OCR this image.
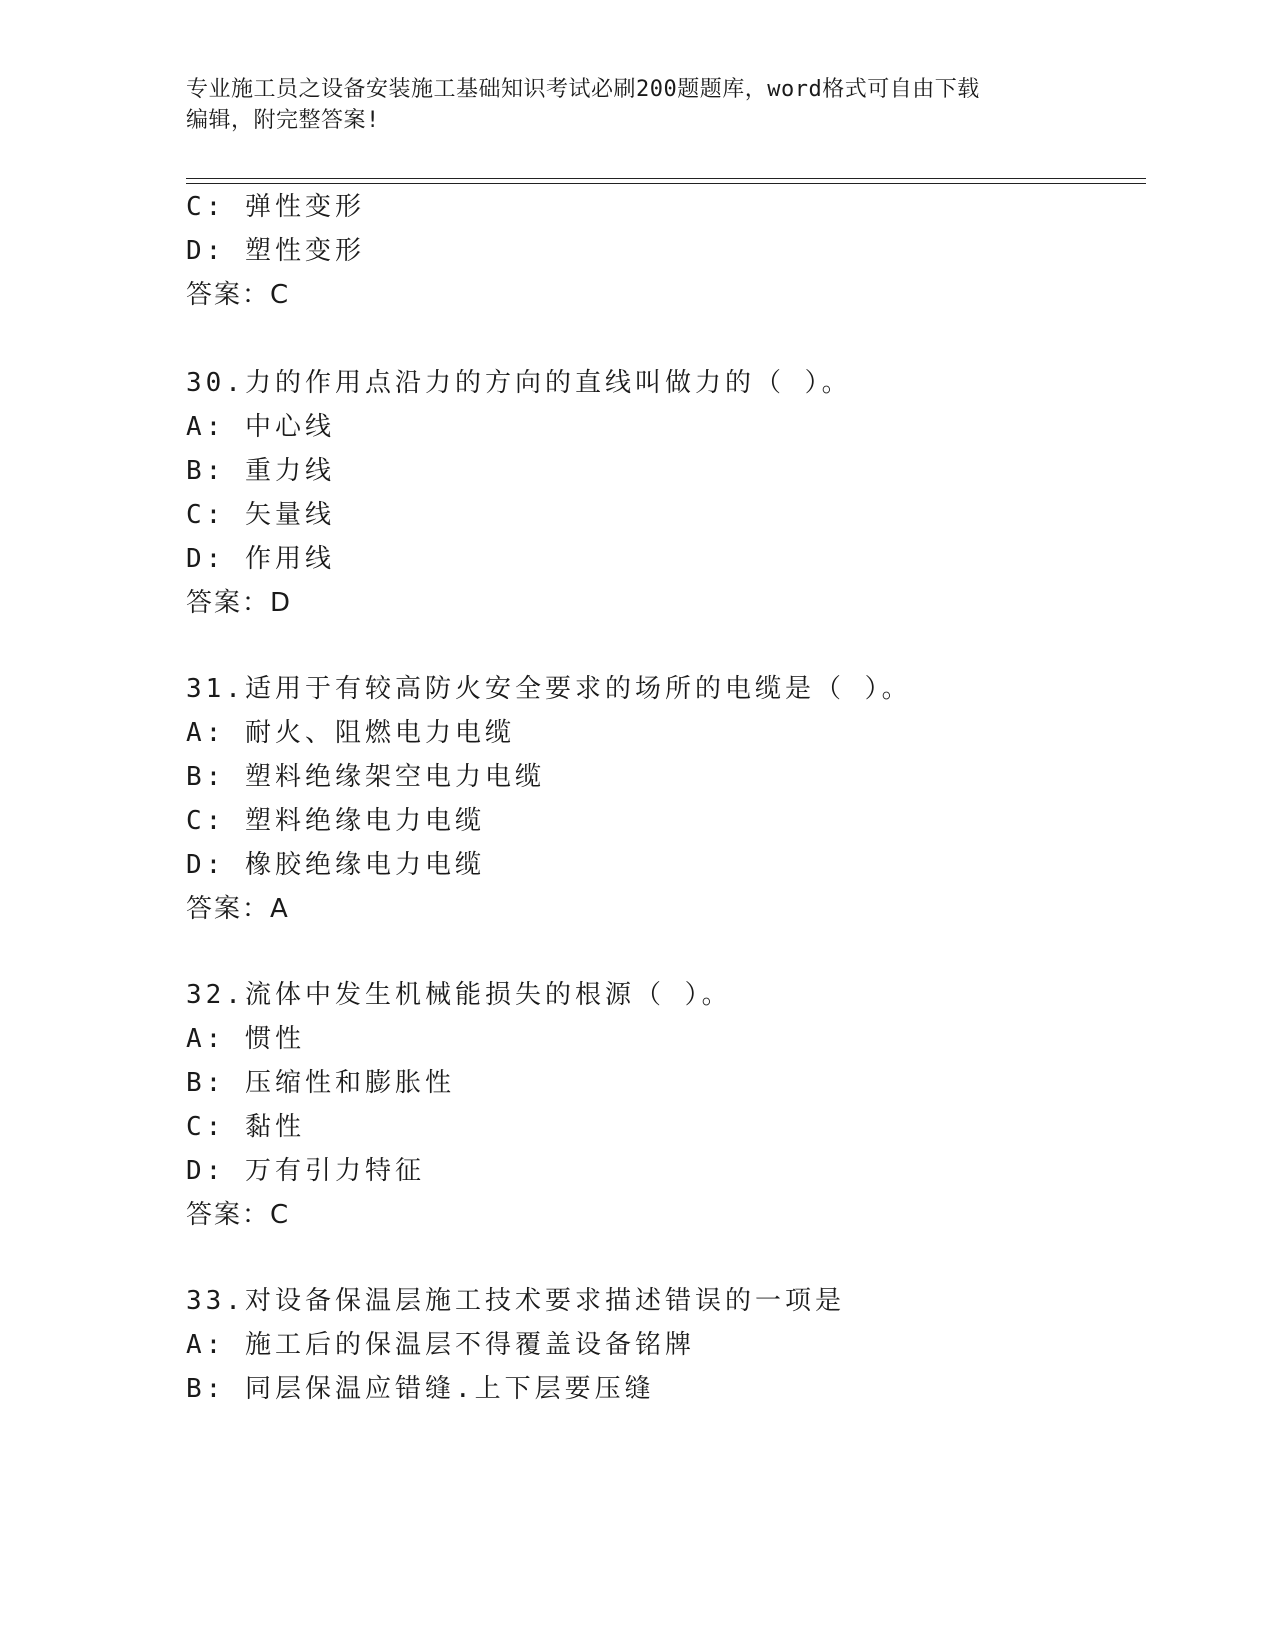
专业施工员之设备安装施工基础知识考试必刷200题题库，word格式可自由下载
编辑，附完整答案!
C: 弹性变形
D: 塑性变形
答案：C
30.力的作用点沿力的方向的直线叫做力的（ ）。
A: 中心线
B: 重力线
C: 矢量线
D: 作用线
答案：D
31.适用于有较高防火安全要求的场所的电缆是（ ）。
A: 耐火、阻燃电力电缆
B: 塑料绝缘架空电力电缆
C: 塑料绝缘电力电缆
D: 橡胶绝缘电力电缆
答案：A
32.流体中发生机械能损失的根源（ ）。
A: 惯性
B: 压缩性和膨胀性
C: 黏性
D: 万有引力特征
答案：C
33.对设备保温层施工技术要求描述错误的一项是
A: 施工后的保温层不得覆盖设备铭牌
B: 同层保温应错缝.上下层要压缝
